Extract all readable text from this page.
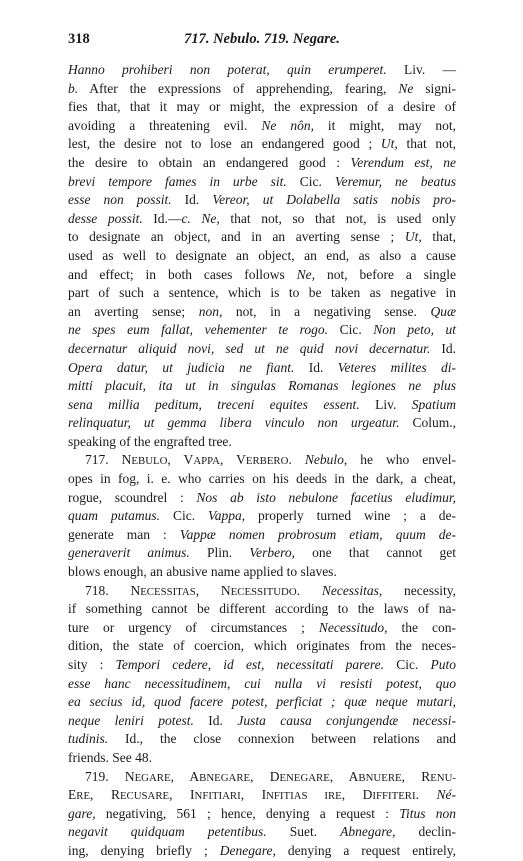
318	717. Nebulo. 719. Negare.
Hanno prohiberi non poterat, quin erumperet. Liv. —
b. After the expressions of apprehending, fearing, Ne signi-
fies that, that it may or might, the expression of a desire of
avoiding a threatening evil. Ne nôn, it might, may not,
lest, the desire not to lose an endangered good ; Ut, that not,
the desire to obtain an endangered good : Verendum est, ne
brevi tempore fames in urbe sit. Cic. Veremur, ne beatus
esse non possit. Id. Vereor, ut Dolabella satis nobis pro-
desse possit. Id.—c. Ne, that not, so that not, is used only
to designate an object, and in an averting sense ; Ut, that,
used as well to designate an object, an end, as also a cause
and effect; in both cases follows Ne, not, before a single
part of such a sentence, which is to be taken as negative in
an averting sense; non, not, in a negativing sense. Quæ
ne spes eum fallat, vehementer te rogo. Cic. Non peto, ut
decernatur aliquid novi, sed ut ne quid novi decernatur. Id.
Opera datur, ut judicia ne fiant. Id. Veteres milites di-
mitti placuit, ita ut in singulas Romanas legiones ne plus
sena millia peditum, treceni equites essent. Liv. Spatium
relinquatur, ut gemma libera vinculo non urgeatur. Colum.,
speaking of the engrafted tree.
717. NEBULO, VAPPA, VERBERO. Nebulo, he who envel-
opes in fog, i. e. who carries on his deeds in the dark, a cheat,
rogue, scoundrel : Nos ab isto nebulone facetius eludimur,
quam putamus. Cic. Vappa, properly turned wine ; a de-
generate man : Vappæ nomen probrosum etiam, quum de-
generaverit animus. Plin. Verbero, one that cannot get
blows enough, an abusive name applied to slaves.
718. NECESSITAS, NECESSITUDO. Necessitas, necessity,
if something cannot be different according to the laws of na-
ture or urgency of circumstances ; Necessitudo, the con-
dition, the state of coercion, which originates from the neces-
sity : Tempori cedere, id est, necessitati parere. Cic. Puto
esse hanc necessitudinem, cui nulla vi resisti potest, quo
ea secius id, quod facere potest, perficiat ; quæ neque mutari,
neque leniri potest. Id. Justa causa conjungendæ necessi-
tudinis. Id., the close connexion between relations and
friends. See 48.
719. NEGARE, ABNEGARE, DENEGARE, ABNUERE, RENU-
ERE, RECUSARE, INFITIARI, INFITIAS IRE, DIFFITERI. Né-
gare, negativing, 561 ; hence, denying a request : Titus non
negavit quidquam petentibus. Suet. Abnegare, declin-
ing, denying briefly ; Denegare, denying a request entirely,
